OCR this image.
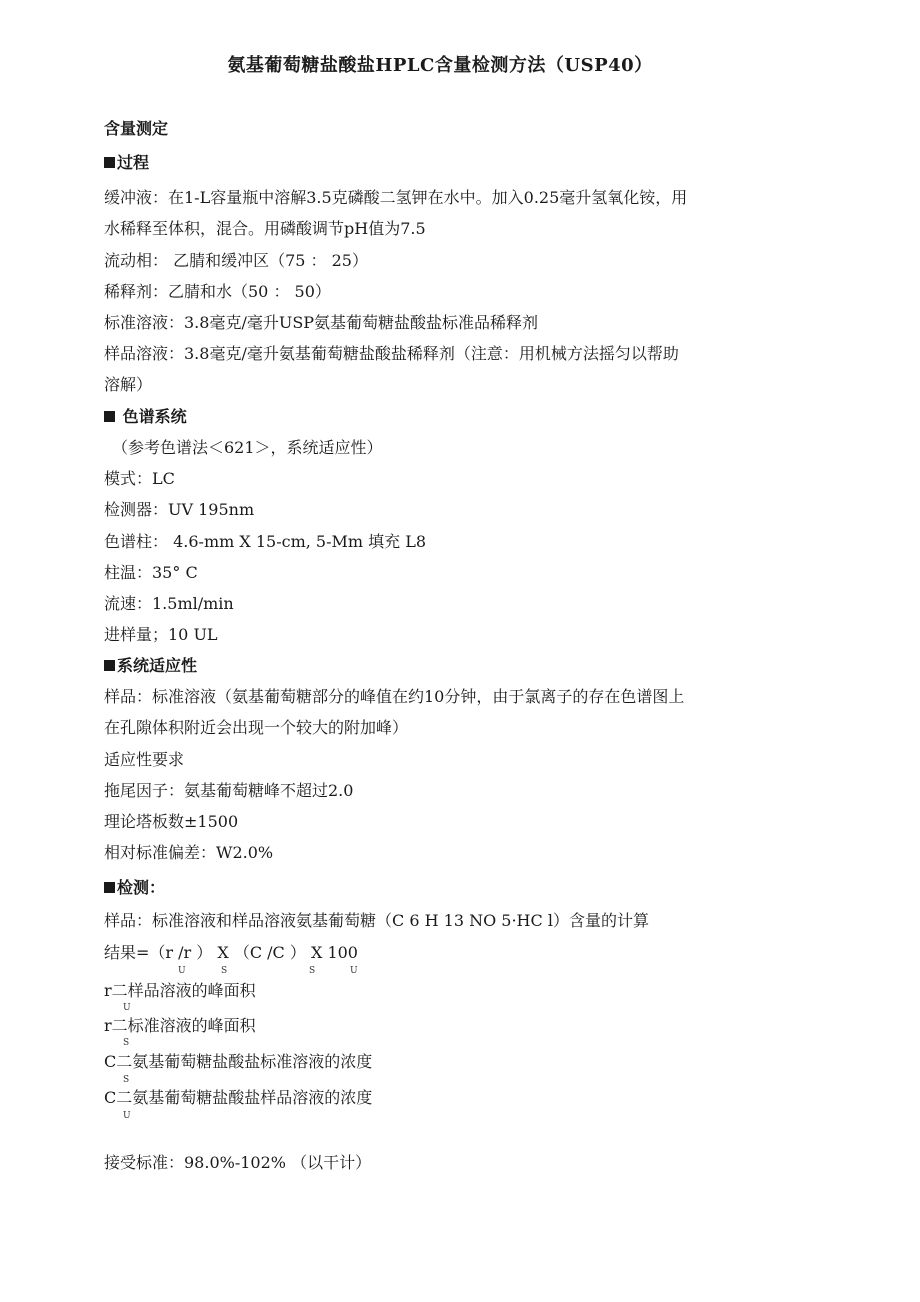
氨基葡萄糖盐酸盐HPLC含量检测方法（USP40）
含量测定
过程
缓冲液：在1-L容量瓶中溶解3.5克磷酸二氢钾在水中。加入0.25毫升氢氧化铵，用
水稀释至体积，混合。用磷酸调节pH值为7.5
流动相： 乙腈和缓冲区（75 ： 25）
稀释剂：乙腈和水（50 ： 50）
标准溶液：3.8毫克/毫升USP氨基葡萄糖盐酸盐标准品稀释剂
样品溶液：3.8毫克/毫升氨基葡萄糖盐酸盐稀释剂（注意：用机械方法摇匀以帮助
溶解）
色谱系统
（参考色谱法＜621＞，系统适应性）
模式：LC
检测器：UV 195nm
色谱柱： 4.6-mm X 15-cm, 5-Mm 填充 L8
柱温：35° C
流速：1.5ml/min
进样量；10 UL
系统适应性
样品：标准溶液（氨基葡萄糖部分的峰值在约10分钟，由于氯离子的存在色谱图上
在孔隙体积附近会出现一个较大的附加峰）
适应性要求
拖尾因子：氨基葡萄糖峰不超过2.0
理论塔板数±1500
相对标准偏差：W2.0%
检测：
样品：标准溶液和样品溶液氨基葡萄糖（C 6 H 13 NO 5·HC l）含量的计算
结果=（r /r ） X （C /C ） X 100
U	S	S	U
r二样品溶液的峰面积
U
r二标准溶液的峰面积
S
C二氨基葡萄糖盐酸盐标准溶液的浓度
S
C二氨基葡萄糖盐酸盐样品溶液的浓度
U
接受标准：98.0%-102% （以干计）
